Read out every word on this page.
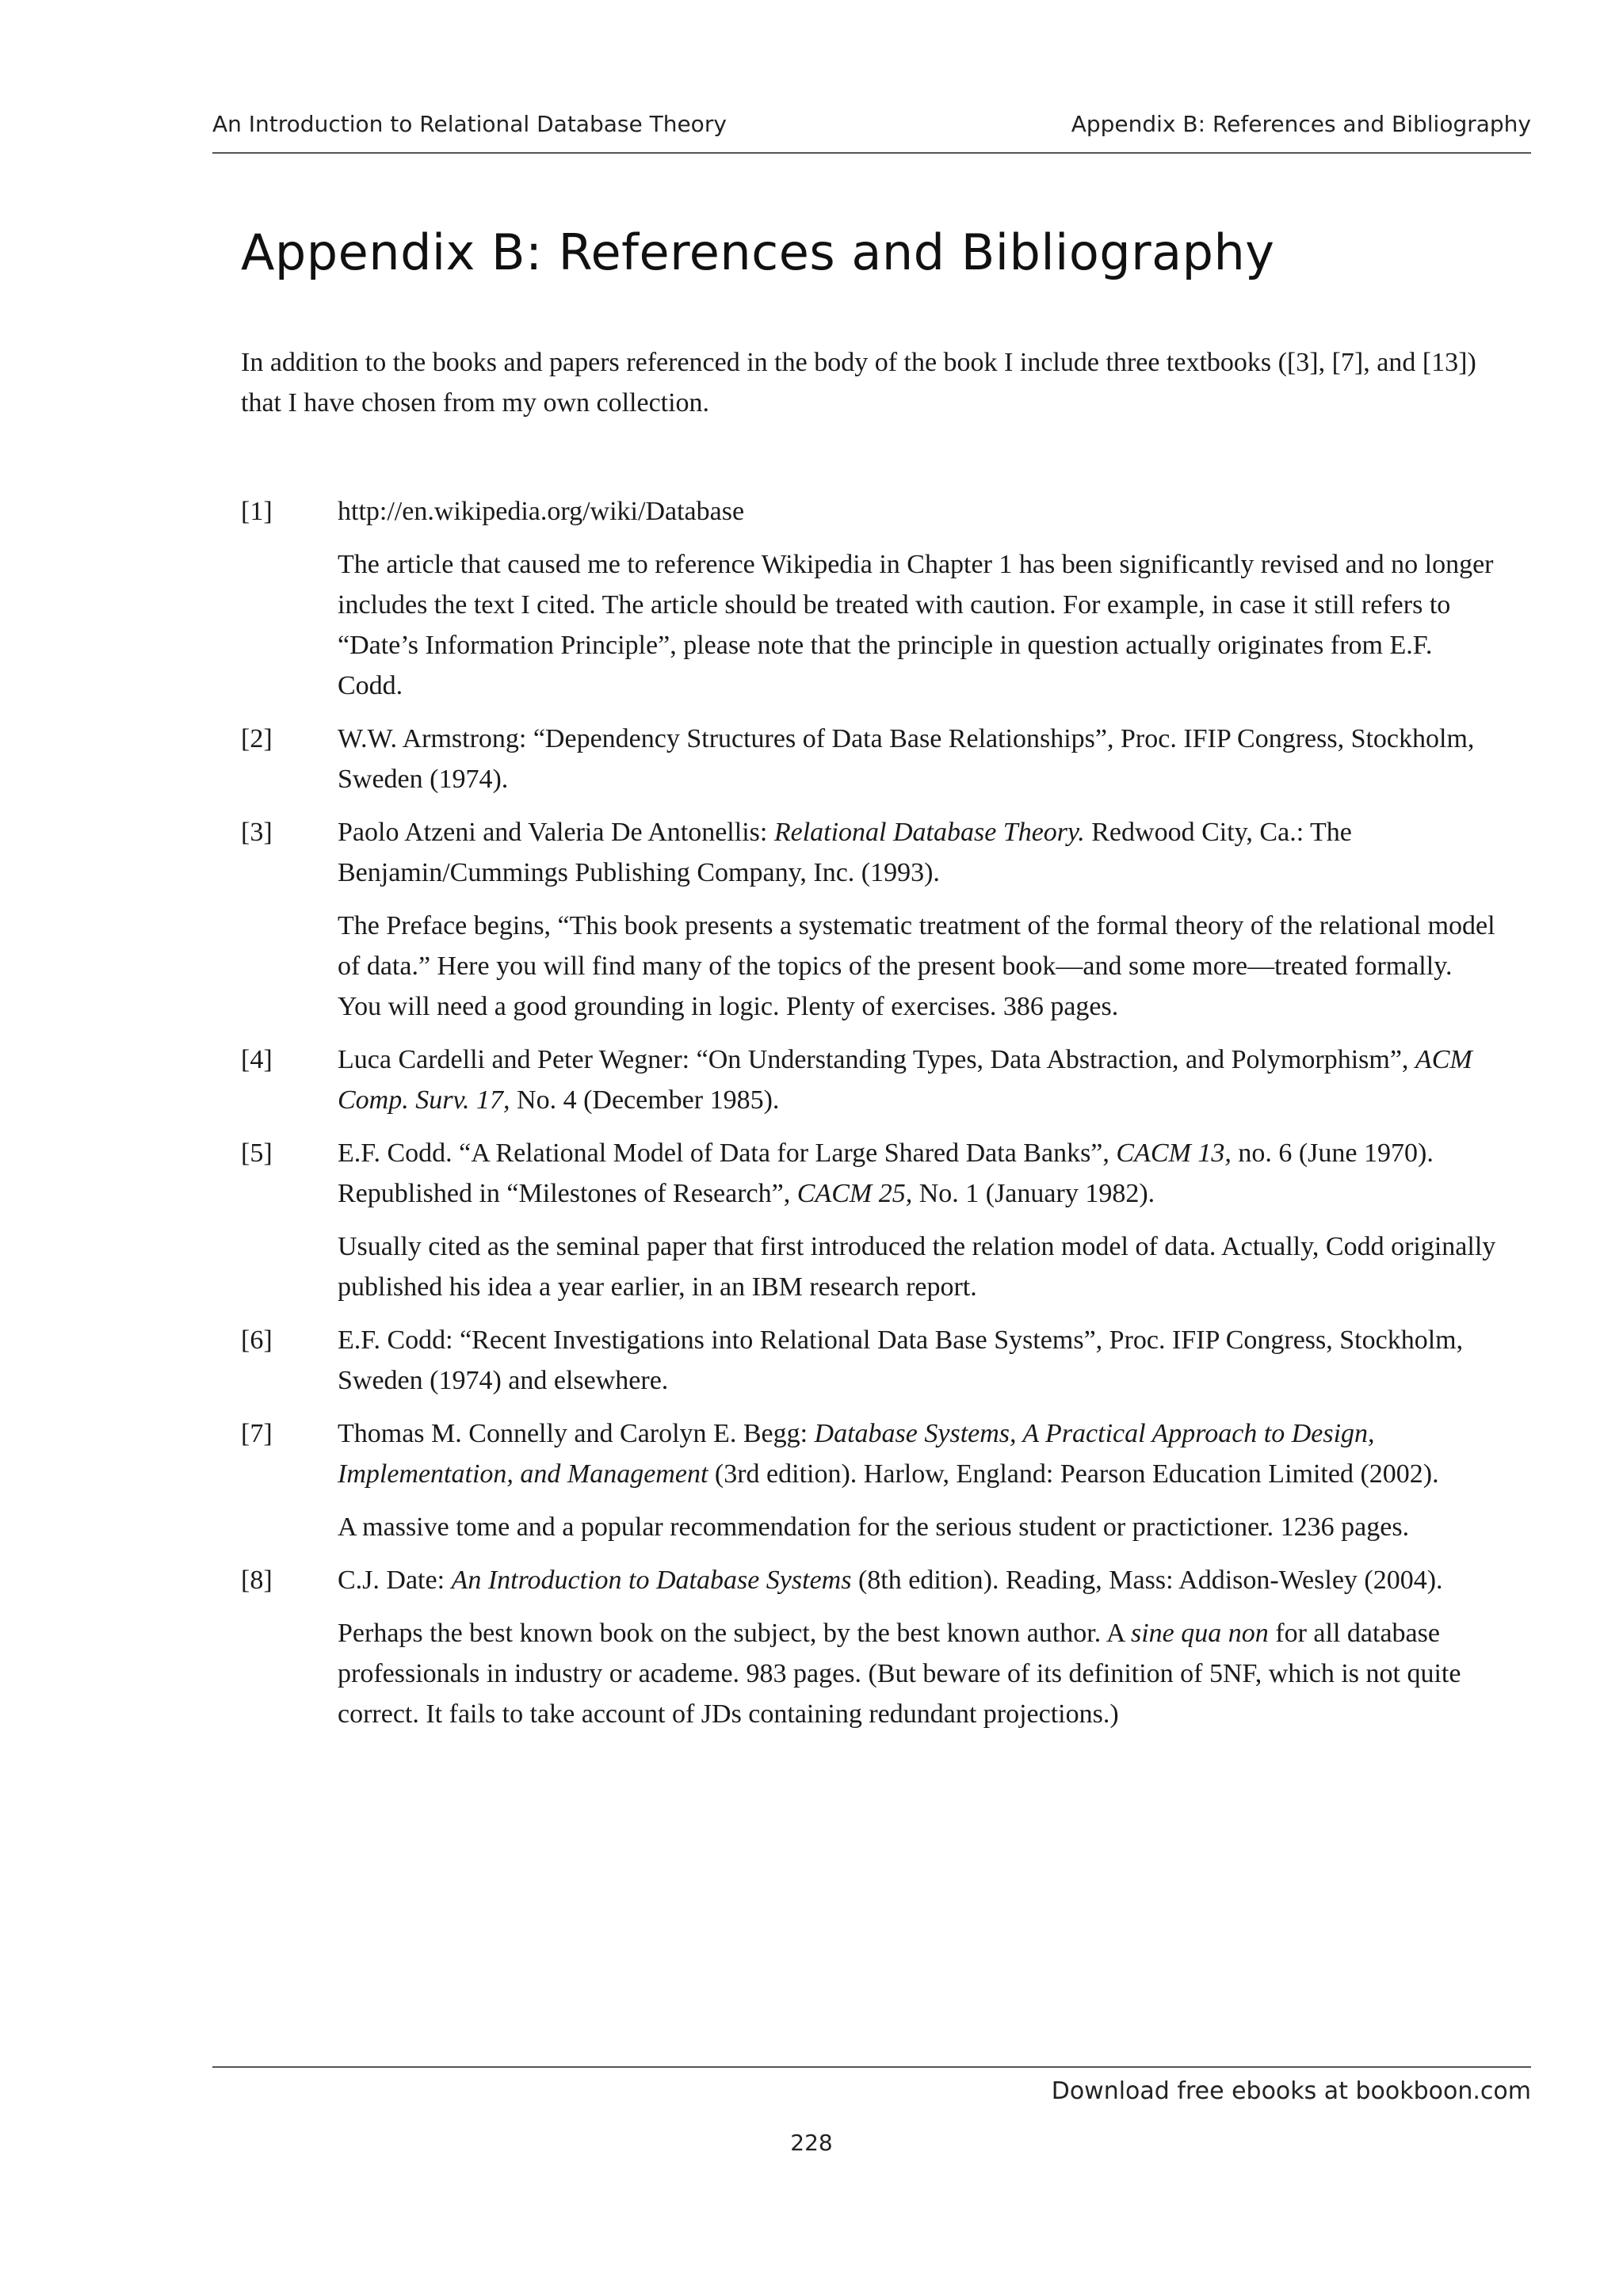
An Introduction to Relational Database Theory	Appendix B: References and Bibliography
Appendix B: References and Bibliography

In addition to the books and papers referenced in the body of the book I include three textbooks ([3], [7], and [13]) that I have chosen from my own collection.

[1] http://en.wikipedia.org/wiki/Database

The article that caused me to reference Wikipedia in Chapter 1 has been significantly revised and no longer includes the text I cited. The article should be treated with caution. For example, in case it still refers to “Date’s Information Principle”, please note that the principle in question actually originates from E.F. Codd.

[2] W.W. Armstrong: “Dependency Structures of Data Base Relationships”, Proc. IFIP Congress, Stockholm, Sweden (1974).

[3] Paolo Atzeni and Valeria De Antonellis: Relational Database Theory. Redwood City, Ca.: The Benjamin/Cummings Publishing Company, Inc. (1993).

The Preface begins, “This book presents a systematic treatment of the formal theory of the relational model of data.” Here you will find many of the topics of the present book—and some more—treated formally. You will need a good grounding in logic. Plenty of exercises. 386 pages.

[4] Luca Cardelli and Peter Wegner: “On Understanding Types, Data Abstraction, and Polymorphism”, ACM Comp. Surv. 17, No. 4 (December 1985).

[5] E.F. Codd. “A Relational Model of Data for Large Shared Data Banks”, CACM 13, no. 6 (June 1970). Republished in “Milestones of Research”, CACM 25, No. 1 (January 1982).

Usually cited as the seminal paper that first introduced the relation model of data. Actually, Codd originally published his idea a year earlier, in an IBM research report.

[6] E.F. Codd: “Recent Investigations into Relational Data Base Systems”, Proc. IFIP Congress, Stockholm, Sweden (1974) and elsewhere.

[7] Thomas M. Connelly and Carolyn E. Begg: Database Systems, A Practical Approach to Design, Implementation, and Management (3rd edition). Harlow, England: Pearson Education Limited (2002).

A massive tome and a popular recommendation for the serious student or practictioner. 1236 pages.

[8] C.J. Date: An Introduction to Database Systems (8th edition). Reading, Mass: Addison-Wesley (2004).

Perhaps the best known book on the subject, by the best known author. A sine qua non for all database professionals in industry or academe. 983 pages. (But beware of its definition of 5NF, which is not quite correct. It fails to take account of JDs containing redundant projections.)

Download free ebooks at bookboon.com
228
